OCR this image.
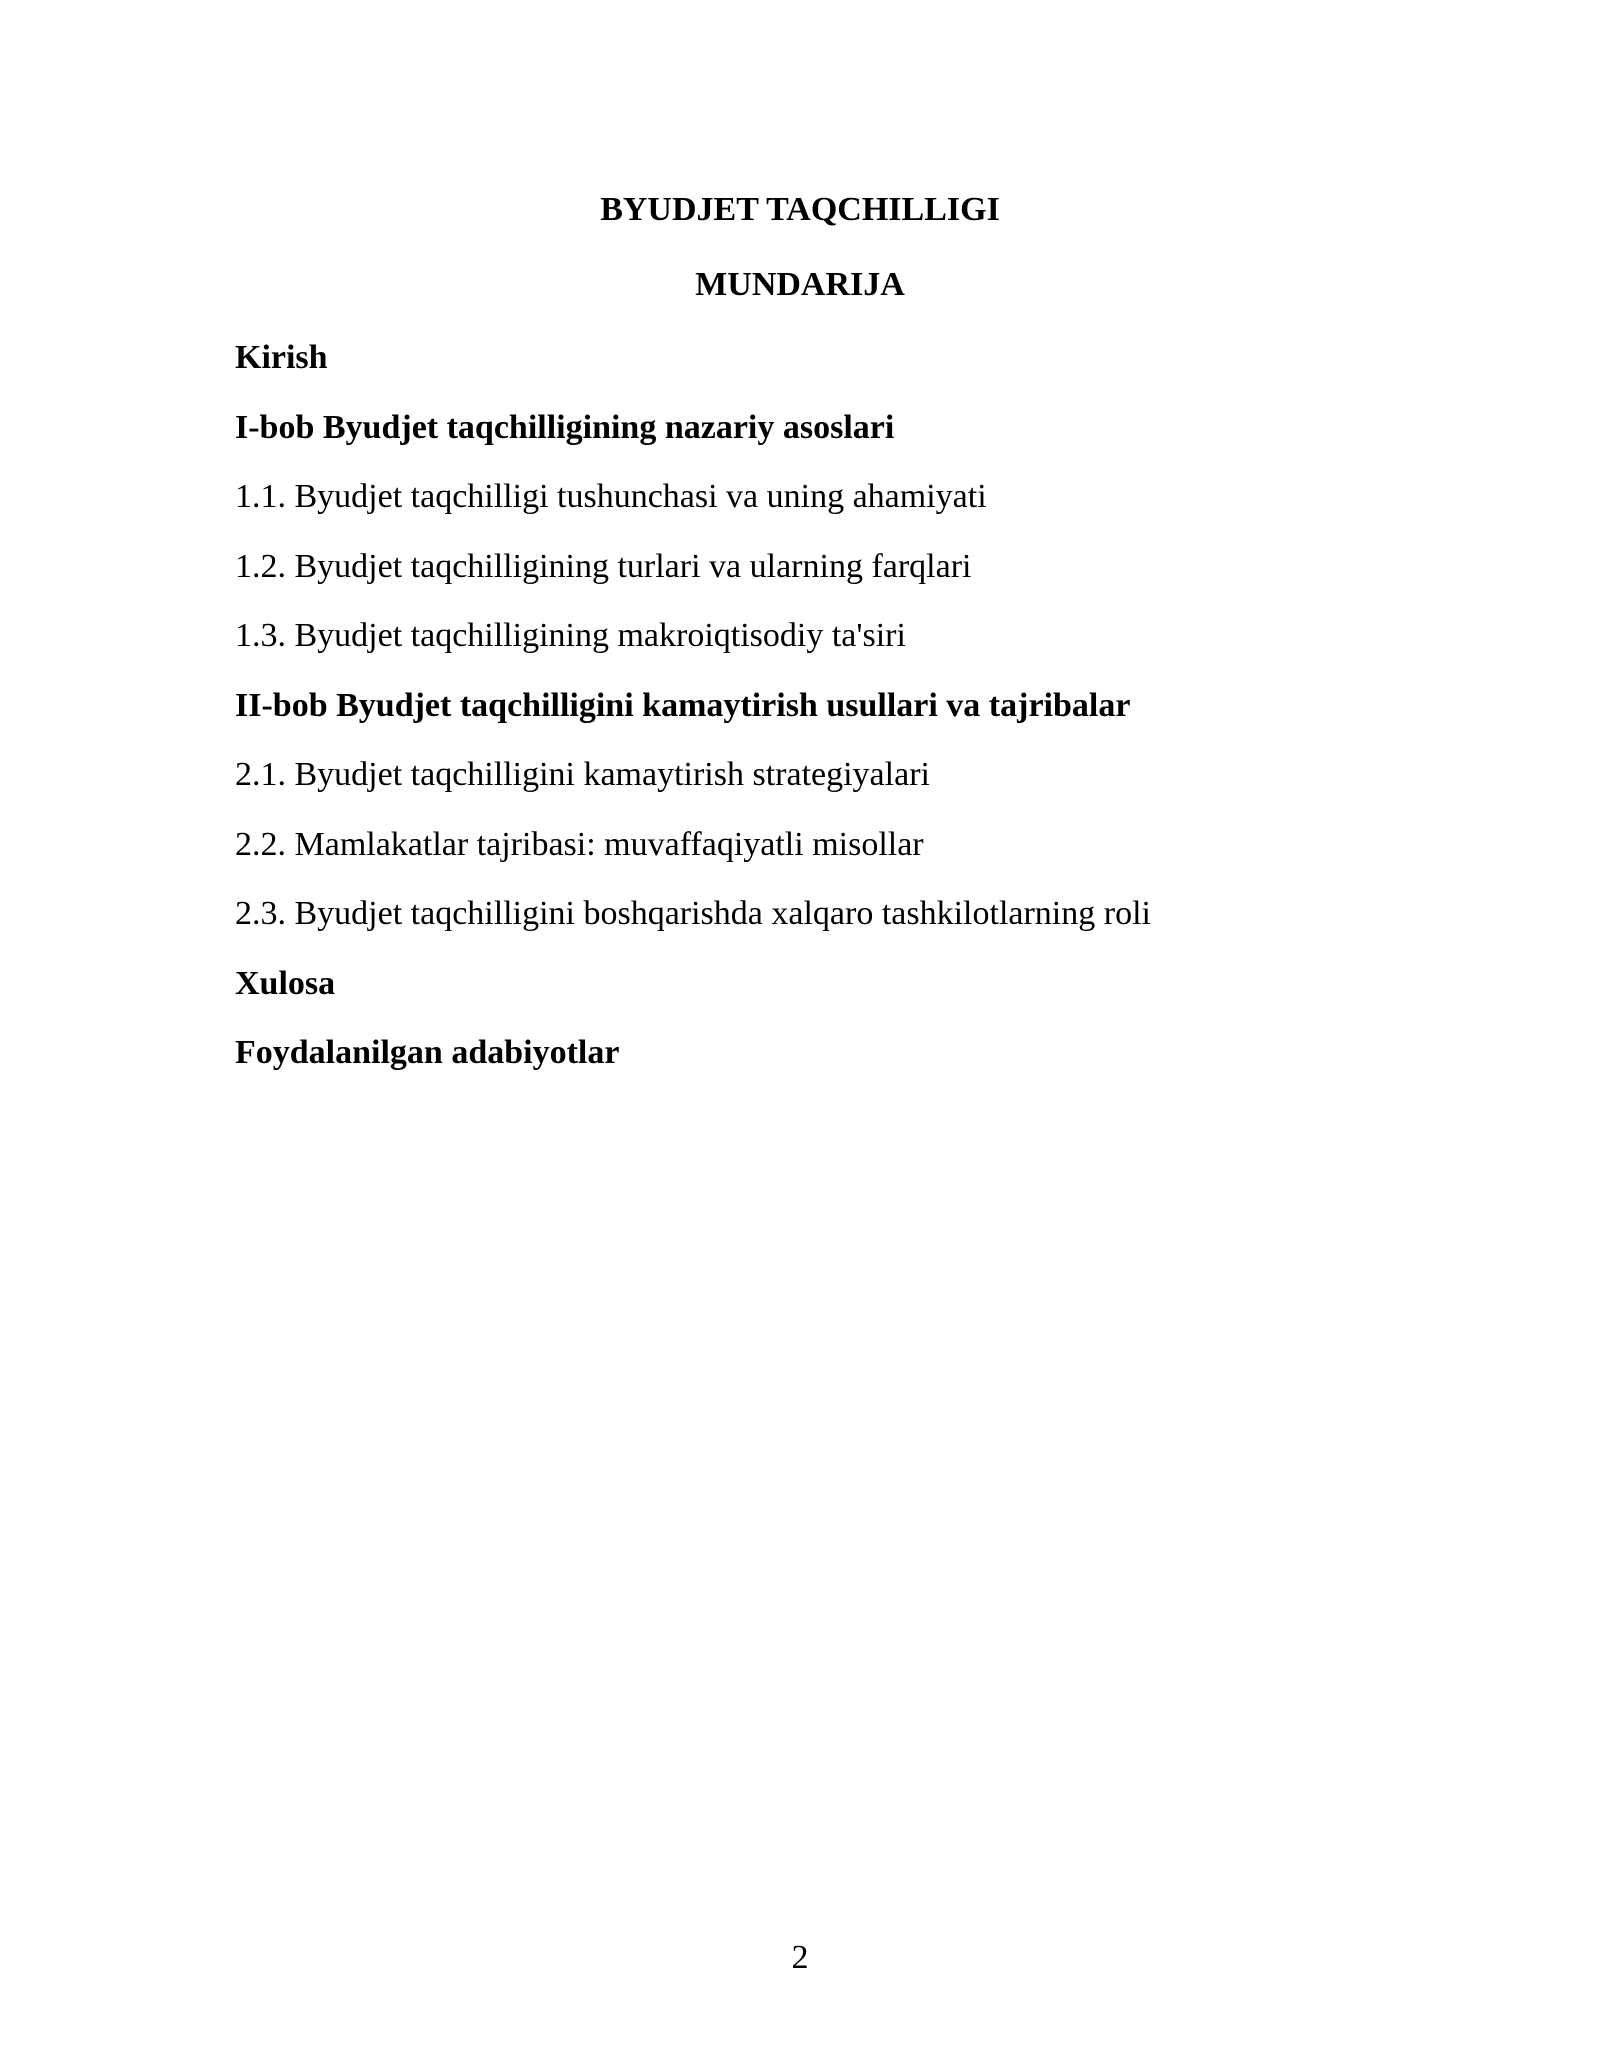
BYUDJET TAQCHILLIGI
MUNDARIJA
Kirish
I-bob Byudjet taqchilligining nazariy asoslari
1.1. Byudjet taqchilligi tushunchasi va uning ahamiyati
1.2. Byudjet taqchilligining turlari va ularning farqlari
1.3. Byudjet taqchilligining makroiqtisodiy ta'siri
II-bob Byudjet taqchilligini kamaytirish usullari va tajribalar
2.1. Byudjet taqchilligini kamaytirish strategiyalari
2.2. Mamlakatlar tajribasi: muvaffaqiyatli misollar
2.3. Byudjet taqchilligini boshqarishda xalqaro tashkilotlarning roli
Xulosa
Foydalanilgan adabiyotlar
2
